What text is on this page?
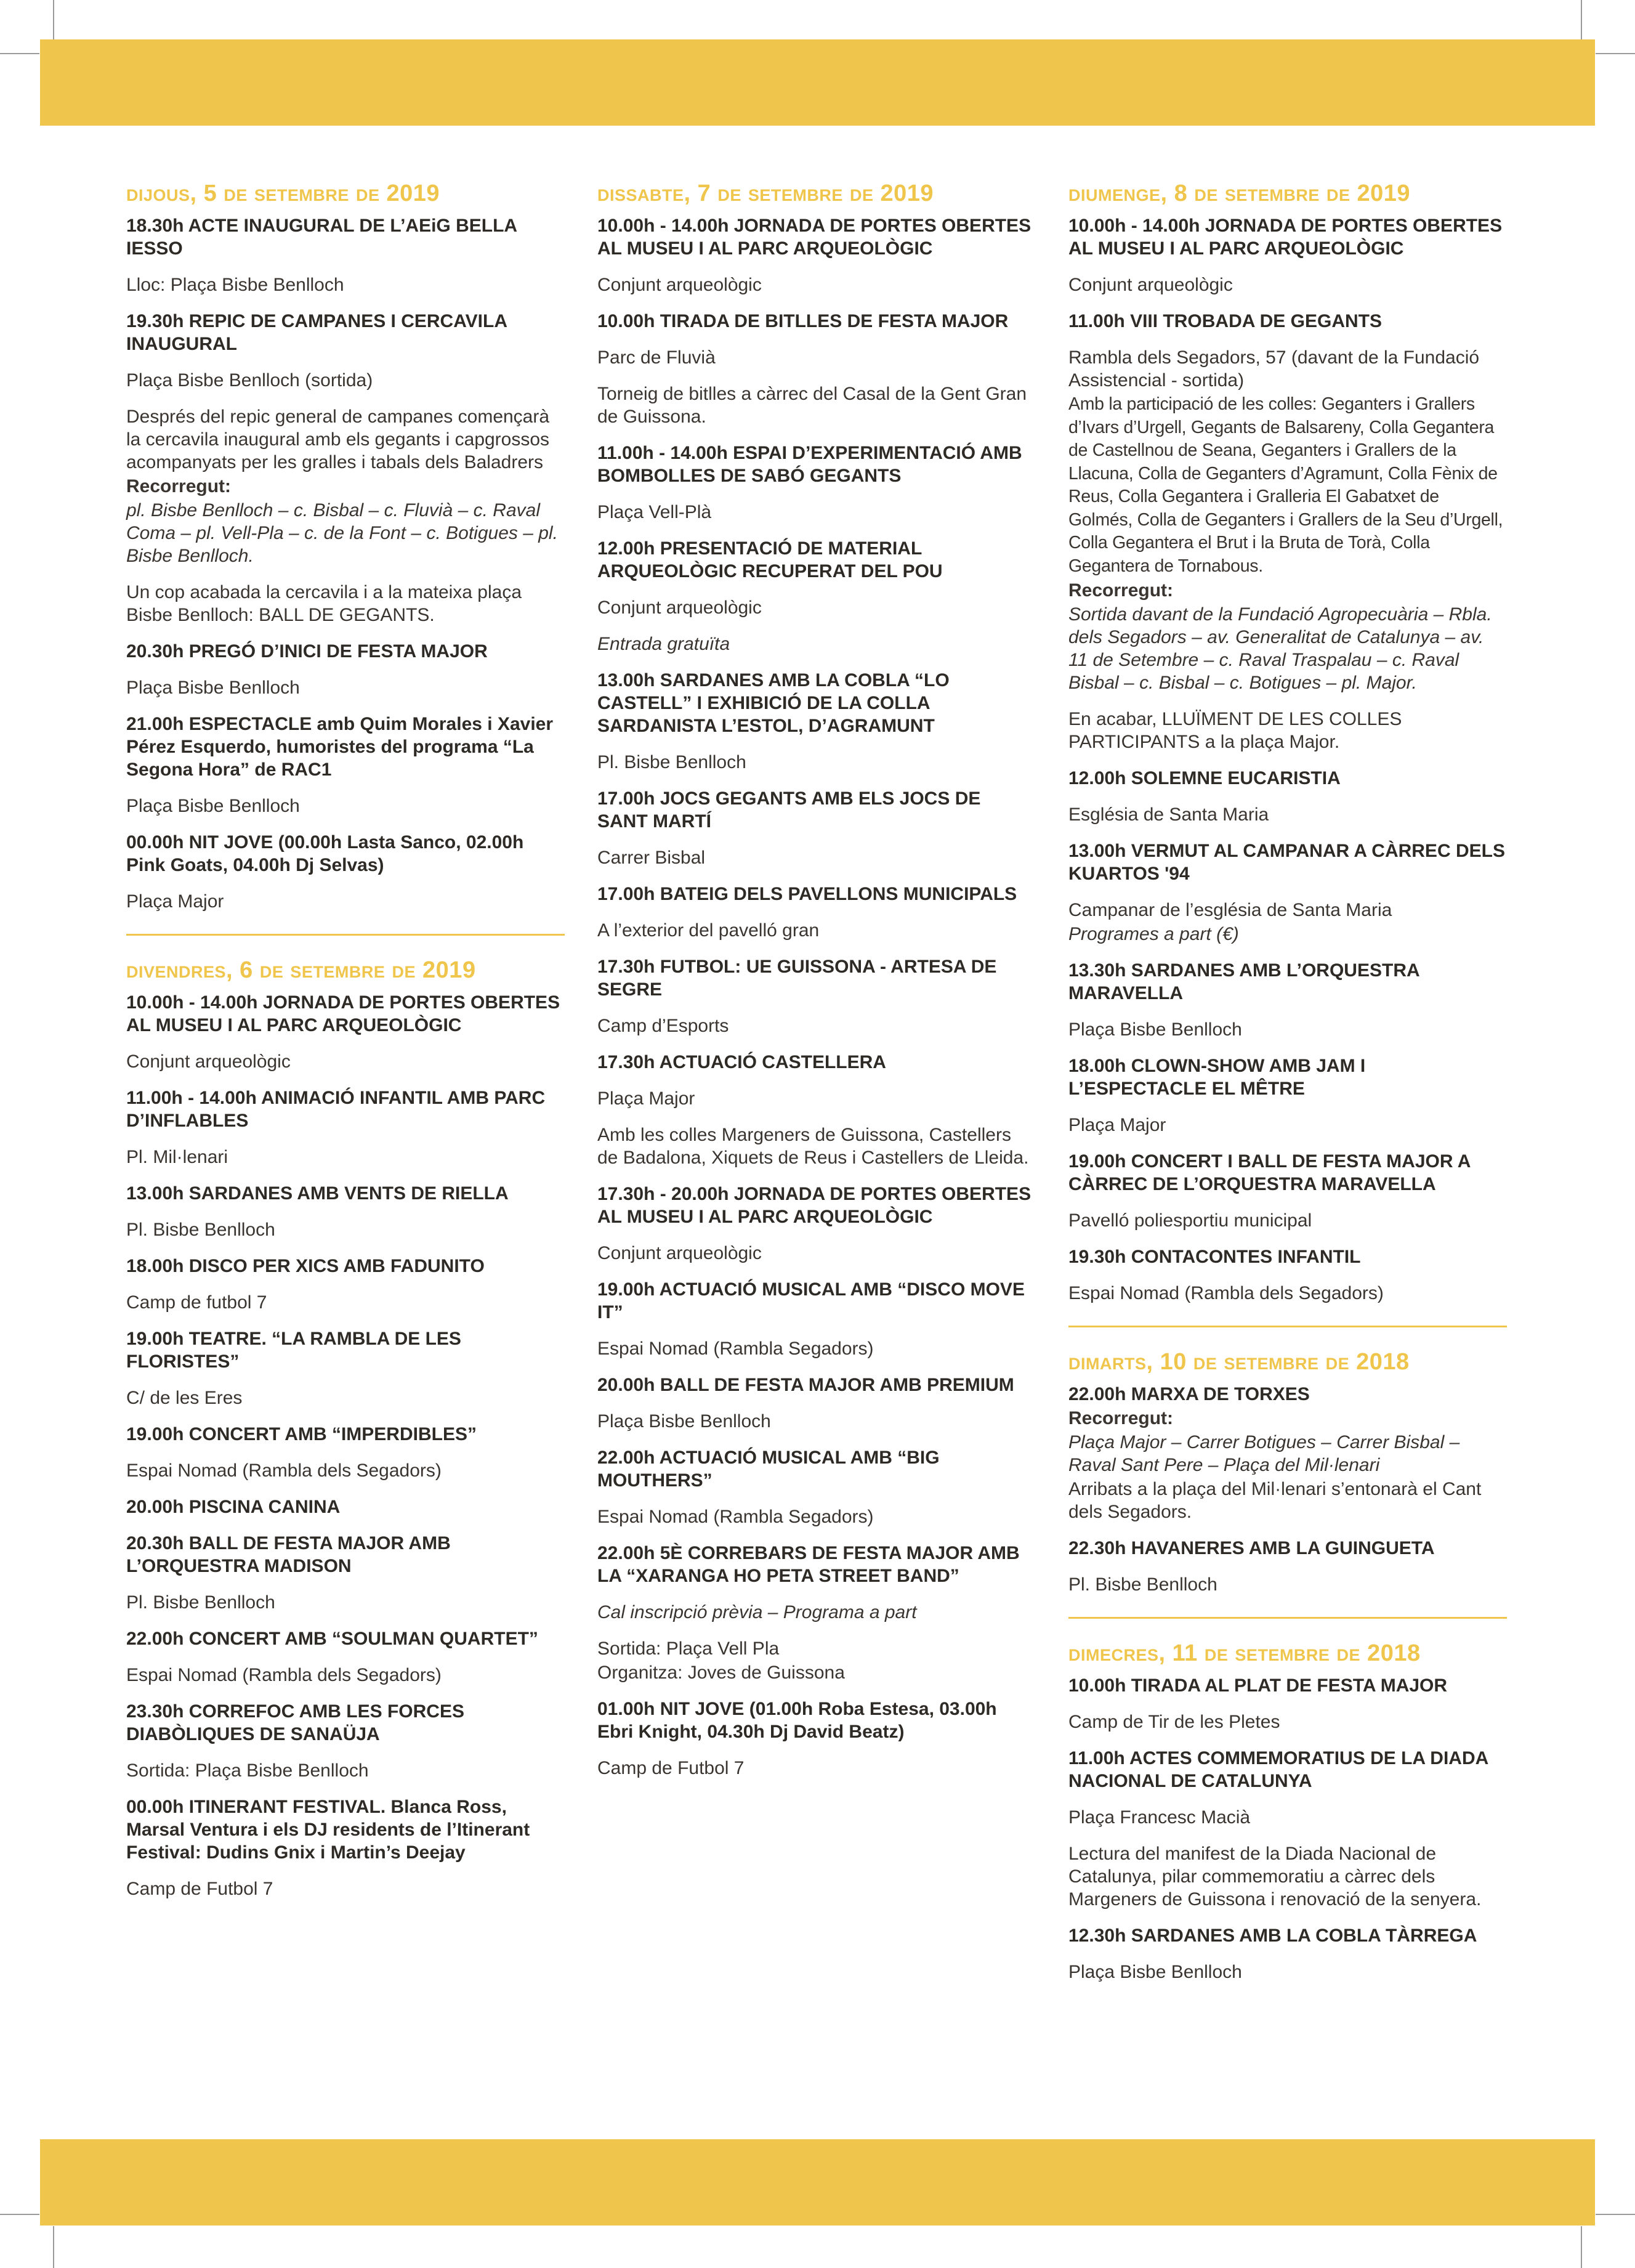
dijous, 5 de setembre de 2019
18.30h ACTE INAUGURAL DE L’AEiG BELLA IESSO
Lloc: Plaça Bisbe Benlloch
19.30h REPIC DE CAMPANES I CERCAVILA INAUGURAL
Plaça Bisbe Benlloch (sortida)
Després del repic general de campanes començarà la cercavila inaugural amb els gegants i capgrossos acompanyats per les gralles i tabals dels Baladrers
Recorregut:
pl. Bisbe Benlloch – c. Bisbal – c. Fluvià – c. Raval Coma – pl. Vell-Pla – c. de la Font – c. Botigues – pl. Bisbe Benlloch.
Un cop acabada la cercavila i a la mateixa plaça Bisbe Benlloch: BALL DE GEGANTS.
20.30h PREGÓ D’INICI DE FESTA MAJOR
Plaça Bisbe Benlloch
21.00h ESPECTACLE amb Quim Morales i Xavier Pérez Esquerdo, humoristes del programa “La Segona Hora” de RAC1
Plaça Bisbe Benlloch
00.00h NIT JOVE (00.00h Lasta Sanco, 02.00h Pink Goats, 04.00h Dj Selvas)
Plaça Major
divendres, 6 de setembre de 2019
10.00h - 14.00h JORNADA DE PORTES OBERTES AL MUSEU I AL PARC ARQUEOLÒGIC
Conjunt arqueològic
11.00h - 14.00h ANIMACIÓ INFANTIL AMB PARC D’INFLABLES
Pl. Mil·lenari
13.00h SARDANES AMB VENTS DE RIELLA
Pl. Bisbe Benlloch
18.00h DISCO PER XICS AMB FADUNITO
Camp de futbol 7
19.00h TEATRE. “LA RAMBLA DE LES FLORISTES”
C/ de les Eres
19.00h CONCERT AMB “IMPERDIBLES”
Espai Nomad (Rambla dels Segadors)
20.00h PISCINA CANINA
20.30h BALL DE FESTA MAJOR AMB L’ORQUESTRA MADISON
Pl. Bisbe Benlloch
22.00h CONCERT AMB “SOULMAN QUARTET”
Espai Nomad (Rambla dels Segadors)
23.30h CORREFOC AMB LES FORCES DIABÒLIQUES DE SANAÜJA
Sortida: Plaça Bisbe Benlloch
00.00h ITINERANT FESTIVAL. Blanca Ross, Marsal Ventura i els DJ residents de l’Itinerant Festival: Dudins Gnix i Martin’s Deejay
Camp de Futbol 7
dissabte, 7 de setembre de 2019
10.00h - 14.00h JORNADA DE PORTES OBERTES AL MUSEU I AL PARC ARQUEOLÒGIC
Conjunt arqueològic
10.00h TIRADA DE BITLLES DE FESTA MAJOR
Parc de Fluvià
Torneig de bitlles a càrrec del Casal de la Gent Gran de Guissona.
11.00h - 14.00h ESPAI D’EXPERIMENTACIÓ AMB BOMBOLLES DE SABÓ GEGANTS
Plaça Vell-Plà
12.00h PRESENTACIÓ DE MATERIAL ARQUEOLÒGIC RECUPERAT DEL POU
Conjunt arqueològic
Entrada gratuïta
13.00h SARDANES AMB LA COBLA “LO CASTELL” I EXHIBICIÓ DE LA COLLA SARDANISTA L’ESTOL, D’AGRAMUNT
Pl. Bisbe Benlloch
17.00h JOCS GEGANTS AMB ELS JOCS DE SANT MARTÍ
Carrer Bisbal
17.00h BATEIG DELS PAVELLONS MUNICIPALS
A l’exterior del pavelló gran
17.30h FUTBOL: UE GUISSONA - ARTESA DE SEGRE
Camp d’Esports
17.30h ACTUACIÓ CASTELLERA
Plaça Major
Amb les colles Margeners de Guissona, Castellers de Badalona, Xiquets de Reus i Castellers de Lleida.
17.30h - 20.00h JORNADA DE PORTES OBERTES AL MUSEU I AL PARC ARQUEOLÒGIC
Conjunt arqueològic
19.00h ACTUACIÓ MUSICAL AMB “DISCO MOVE IT”
Espai Nomad (Rambla Segadors)
20.00h BALL DE FESTA MAJOR AMB PREMIUM
Plaça Bisbe Benlloch
22.00h ACTUACIÓ MUSICAL AMB “BIG MOUTHERS”
Espai Nomad (Rambla Segadors)
22.00h 5È CORREBARS DE FESTA MAJOR AMB LA “XARANGA HO PETA STREET BAND”
Cal inscripció prèvia – Programa a part
Sortida: Plaça Vell Pla
Organitza: Joves de Guissona
01.00h NIT JOVE (01.00h Roba Estesa, 03.00h Ebri Knight, 04.30h Dj David Beatz)
Camp de Futbol 7
diumenge, 8 de setembre de 2019
10.00h - 14.00h JORNADA DE PORTES OBERTES AL MUSEU I AL PARC ARQUEOLÒGIC
Conjunt arqueològic
11.00h VIII TROBADA DE GEGANTS
Rambla dels Segadors, 57 (davant de la Fundació Assistencial - sortida)
Amb la participació de les colles: Geganters i Grallers d’Ivars d’Urgell, Gegants de Balsareny, Colla Gegantera de Castellnou de Seana, Geganters i Grallers de la Llacuna, Colla de Geganters d’Agramunt, Colla Fènix de Reus, Colla Gegantera i Gralleria El Gabatxet de Golmés, Colla de Geganters i Grallers de la Seu d’Urgell, Colla Gegantera el Brut i la Bruta de Torà, Colla Gegantera de Tornabous.
Recorregut:
Sortida davant de la Fundació Agropecuària – Rbla. dels Segadors – av. Generalitat de Catalunya – av. 11 de Setembre – c. Raval Traspalau – c. Raval Bisbal – c. Bisbal – c. Botigues – pl. Major.
En acabar, LLUÏMENT DE LES COLLES PARTICIPANTS a la plaça Major.
12.00h SOLEMNE EUCARISTIA
Església de Santa Maria
13.00h VERMUT AL CAMPANAR A CÀRREC DELS KUARTOS '94
Campanar de l’església de Santa Maria
Programes a part (€)
13.30h SARDANES AMB L’ORQUESTRA MARAVELLA
Plaça Bisbe Benlloch
18.00h CLOWN-SHOW AMB JAM I L’ESPECTACLE EL MÊTRE
Plaça Major
19.00h CONCERT I BALL DE FESTA MAJOR A CÀRREC DE L’ORQUESTRA MARAVELLA
Pavelló poliesportiu municipal
19.30h CONTACONTES INFANTIL
Espai Nomad (Rambla dels Segadors)
dimarts, 10 de setembre de 2018
22.00h MARXA DE TORXES
Recorregut:
Plaça Major – Carrer Botigues – Carrer Bisbal – Raval Sant Pere – Plaça del Mil·lenari
Arribats a la plaça del Mil·lenari s’entonarà el Cant dels Segadors.
22.30h HAVANERES AMB LA GUINGUETA
Pl. Bisbe Benlloch
dimecres, 11 de setembre de 2018
10.00h TIRADA AL PLAT DE FESTA MAJOR
Camp de Tir de les Pletes
11.00h ACTES COMMEMORATIUS DE LA DIADA NACIONAL DE CATALUNYA
Plaça Francesc Macià
Lectura del manifest de la Diada Nacional de Catalunya, pilar commemoratiu a càrrec dels Margeners de Guissona i renovació de la senyera.
12.30h SARDANES AMB LA COBLA TÀRREGA
Plaça Bisbe Benlloch
